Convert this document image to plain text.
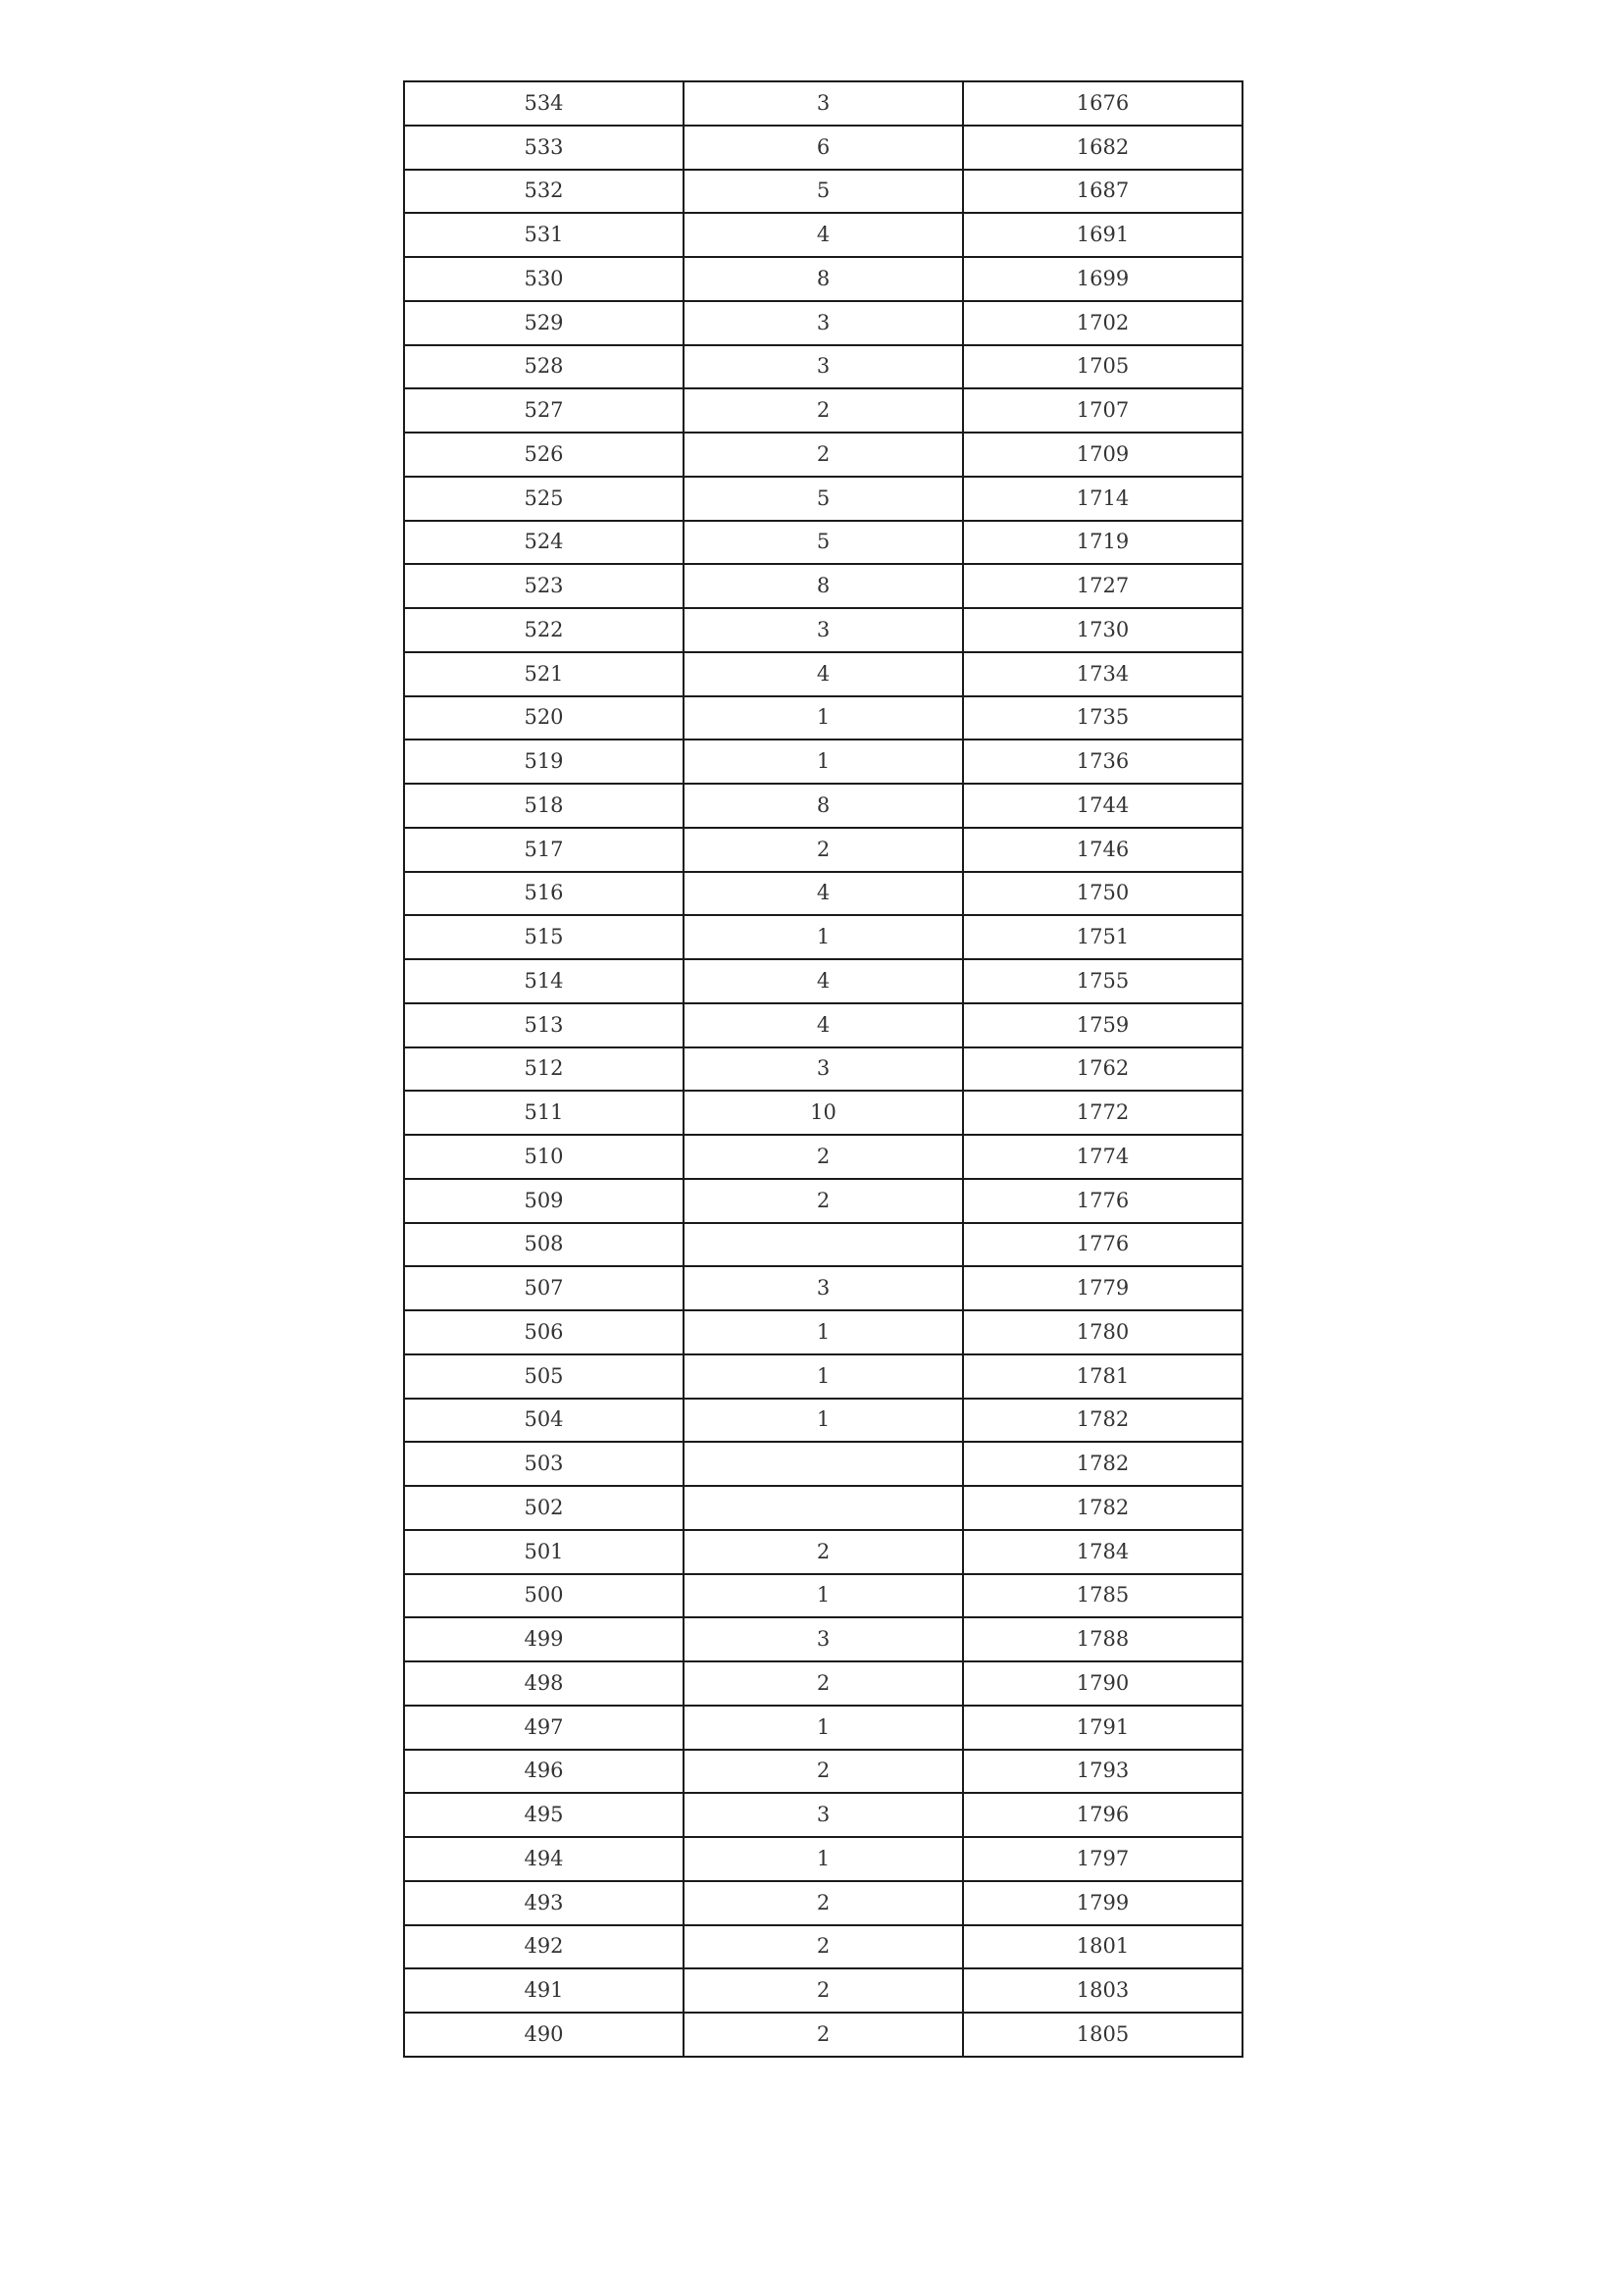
534	3	1676
533	6	1682
532	5	1687
531	4	1691
530	8	1699
529	3	1702
528	3	1705
527	2	1707
526	2	1709
525	5	1714
524	5	1719
523	8	1727
522	3	1730
521	4	1734
520	1	1735
519	1	1736
518	8	1744
517	2	1746
516	4	1750
515	1	1751
514	4	1755
513	4	1759
512	3	1762
511	10	1772
510	2	1774
509	2	1776
508		1776
507	3	1779
506	1	1780
505	1	1781
504	1	1782
503		1782
502		1782
501	2	1784
500	1	1785
499	3	1788
498	2	1790
497	1	1791
496	2	1793
495	3	1796
494	1	1797
493	2	1799
492	2	1801
491	2	1803
490	2	1805
